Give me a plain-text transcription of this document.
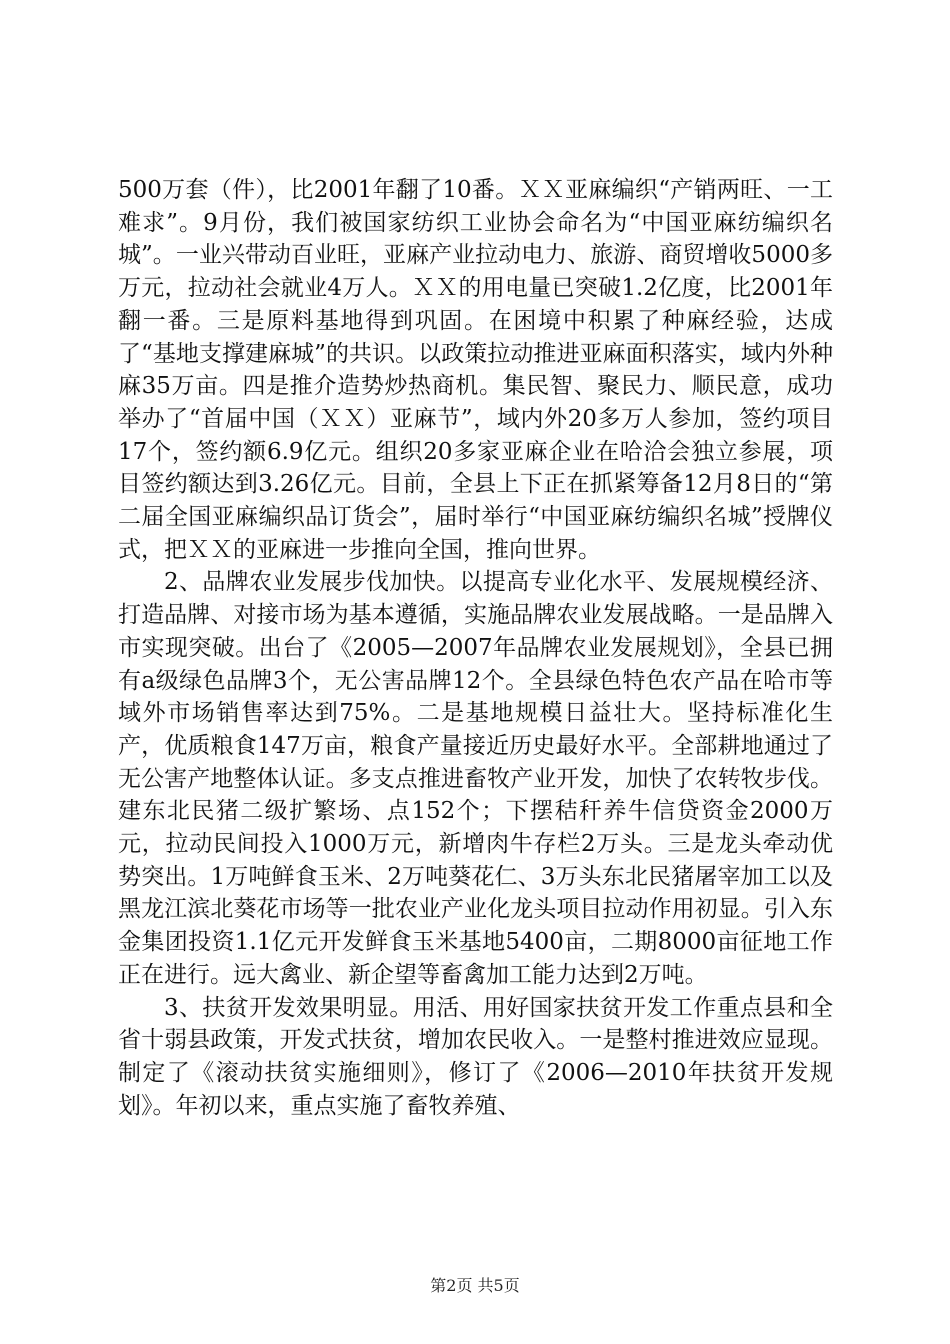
500万套（件），比2001年翻了10番。ＸＸ亚麻编织“产销两旺、一工难求”。9月份，我们被国家纺织工业协会命名为“中国亚麻纺编织名城”。一业兴带动百业旺，亚麻产业拉动电力、旅游、商贸增收5000多万元，拉动社会就业4万人。ＸＸ的用电量已突破1.2亿度，比2001年翻一番。三是原料基地得到巩固。在困境中积累了种麻经验，达成了“基地支撑建麻城”的共识。以政策拉动推进亚麻面积落实，域内外种麻35万亩。四是推介造势炒热商机。集民智、聚民力、顺民意，成功举办了“首届中国（ＸＸ）亚麻节”，域内外20多万人参加，签约项目17个，签约额6.9亿元。组织20多家亚麻企业在哈洽会独立参展，项目签约额达到3.26亿元。目前，全县上下正在抓紧筹备12月8日的“第二届全国亚麻编织品订货会”，届时举行“中国亚麻纺编织名城”授牌仪式，把ＸＸ的亚麻进一步推向全国，推向世界。

2、品牌农业发展步伐加快。以提高专业化水平、发展规模经济、打造品牌、对接市场为基本遵循，实施品牌农业发展战略。一是品牌入市实现突破。出台了《2005—2007年品牌农业发展规划》，全县已拥有a级绿色品牌3个，无公害品牌12个。全县绿色特色农产品在哈市等域外市场销售率达到75%。二是基地规模日益壮大。坚持标准化生产，优质粮食147万亩，粮食产量接近历史最好水平。全部耕地通过了无公害产地整体认证。多支点推进畜牧产业开发，加快了农转牧步伐。建东北民猪二级扩繁场、点152个；下摆秸秆养牛信贷资金2000万元，拉动民间投入1000万元，新增肉牛存栏2万头。三是龙头牵动优势突出。1万吨鲜食玉米、2万吨葵花仁、3万头东北民猪屠宰加工以及黑龙江滨北葵花市场等一批农业产业化龙头项目拉动作用初显。引入东金集团投资1.1亿元开发鲜食玉米基地5400亩，二期8000亩征地工作正在进行。远大禽业、新企望等畜禽加工能力达到2万吨。

3、扶贫开发效果明显。用活、用好国家扶贫开发工作重点县和全省十弱县政策，开发式扶贫，增加农民收入。一是整村推进效应显现。制定了《滚动扶贫实施细则》，修订了《2006—2010年扶贫开发规划》。年初以来，重点实施了畜牧养殖、

第2页 共5页
